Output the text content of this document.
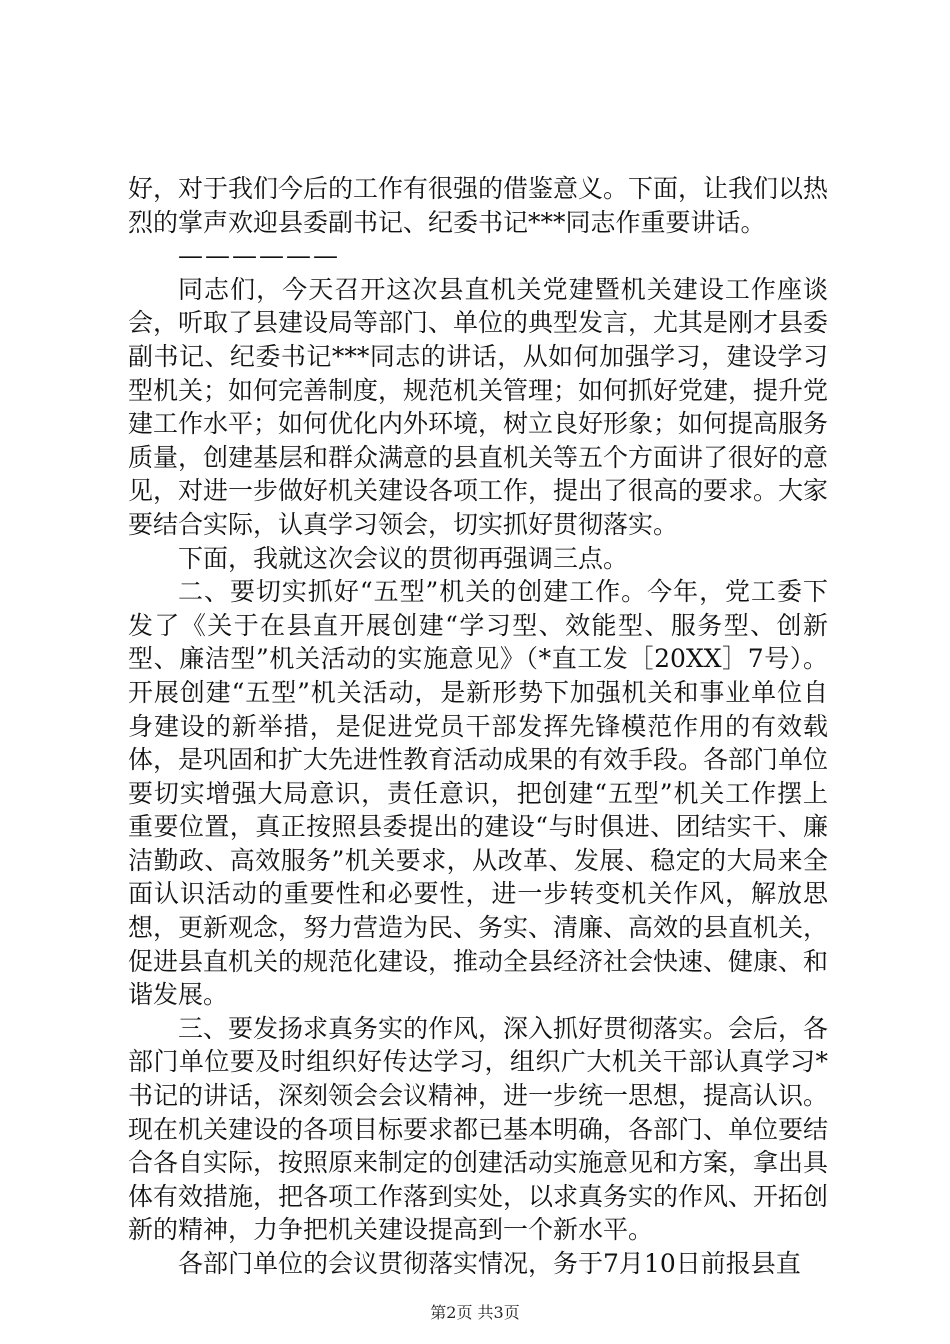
好，对于我们今后的工作有很强的借鉴意义。下面，让我们以热烈的掌声欢迎县委副书记、纪委书记***同志作重要讲话。

——————

同志们，今天召开这次县直机关党建暨机关建设工作座谈会，听取了县建设局等部门、单位的典型发言，尤其是刚才县委副书记、纪委书记***同志的讲话，从如何加强学习，建设学习型机关；如何完善制度，规范机关管理；如何抓好党建，提升党建工作水平；如何优化内外环境，树立良好形象；如何提高服务质量，创建基层和群众满意的县直机关等五个方面讲了很好的意见，对进一步做好机关建设各项工作，提出了很高的要求。大家要结合实际，认真学习领会，切实抓好贯彻落实。

下面，我就这次会议的贯彻再强调三点。

二、要切实抓好“五型”机关的创建工作。今年，党工委下发了《关于在县直开展创建“学习型、效能型、服务型、创新型、廉洁型”机关活动的实施意见》（*直工发［20XX］7号）。开展创建“五型”机关活动，是新形势下加强机关和事业单位自身建设的新举措，是促进党员干部发挥先锋模范作用的有效载体，是巩固和扩大先进性教育活动成果的有效手段。各部门单位要切实增强大局意识，责任意识，把创建“五型”机关工作摆上重要位置，真正按照县委提出的建设“与时俱进、团结实干、廉洁勤政、高效服务”机关要求，从改革、发展、稳定的大局来全面认识活动的重要性和必要性，进一步转变机关作风，解放思想，更新观念，努力营造为民、务实、清廉、高效的县直机关，促进县直机关的规范化建设，推动全县经济社会快速、健康、和谐发展。

三、要发扬求真务实的作风，深入抓好贯彻落实。会后，各部门单位要及时组织好传达学习，组织广大机关干部认真学习*书记的讲话，深刻领会会议精神，进一步统一思想，提高认识。现在机关建设的各项目标要求都已基本明确，各部门、单位要结合各自实际，按照原来制定的创建活动实施意见和方案，拿出具体有效措施，把各项工作落到实处，以求真务实的作风、开拓创新的精神，力争把机关建设提高到一个新水平。

各部门单位的会议贯彻落实情况，务于7月10日前报县直

第2页 共3页
